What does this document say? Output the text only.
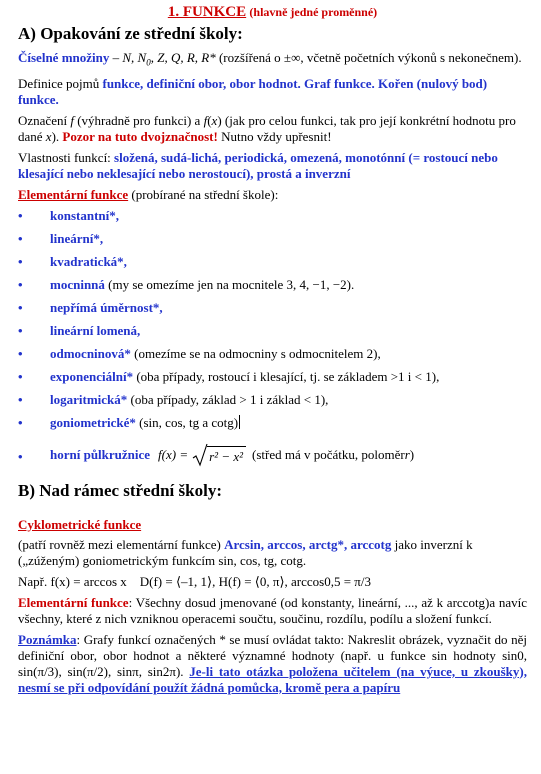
1. FUNKCE (hlavně jedné proměnné)
A) Opakování ze střední školy:

Číselné množiny – N, $N_0$, Z, Q, R, R* (rozšířená o ±∞, včetně početních výkonů s nekonečnem).

Definice pojmů funkce, definiční obor, obor hodnot. Graf funkce. Kořen (nulový bod) funkce.

Označení f (výhradně pro funkci) a f(x) (jak pro celou funkci, tak pro její konkrétní hodnotu pro dané x). Pozor na tuto dvojznačnost! Nutno vždy upřesnit!

Vlastnosti funkcí: složená, sudá-lichá, periodická, omezená, monotónní (= rostoucí nebo klesající nebo neklesající nebo nerostoucí), prostá a inverzní

Elementární funkce (probírané na střední škole):

• konstantní*,
• lineární*,
• kvadratická*,
• mocninná (my se omezíme jen na mocnitele 3, 4, −1, −2).
• nepřímá úměrnost*,
• lineární lomená,
• odmocninová* (omezíme se na odmocniny s odmocnitelem 2),
• exponenciální* (oba případy, rostoucí i klesající, tj. se základem >1 i < 1),
• logaritmická* (oba případy, základ > 1 i základ < 1),
• goniometrické* (sin, cos, tg a cotg)
• horní půlkružnice f(x) = r² − x² (střed má v počátku, poloměr r )
B) Nad rámec střední školy:

Cyklometrické funkce

(patří rovněž mezi elementární funkce) Arcsin, arccos, arctg*, arccotg jako inverzní k („zúženým) goniometrickým funkcím sin, cos, tg, cotg.

Např. f(x) = arccos x    D(f) = ⟨–1, 1⟩, H(f) = ⟨0, π⟩, arccos0,5 = π/3

Elementární funkce: Všechny dosud jmenované (od konstanty, lineární, ..., až k arccotg)a navíc všechny, které z nich vzniknou operacemi součtu, součinu, rozdílu, podílu a složení funkcí.

Poznámka: Grafy funkcí označených * se musí ovládat takto: Nakreslit obrázek, vyznačit do něj definiční obor, obor hodnot a některé významné hodnoty (např. u funkce sin hodnoty sin0, sin(π/3), sin(π/2), sinπ, sin2π). Je-li tato otázka položena učitelem (na výuce, u zkoušky), nesmí se při odpovídání použít žádná pomůcka, kromě pera a papíru
